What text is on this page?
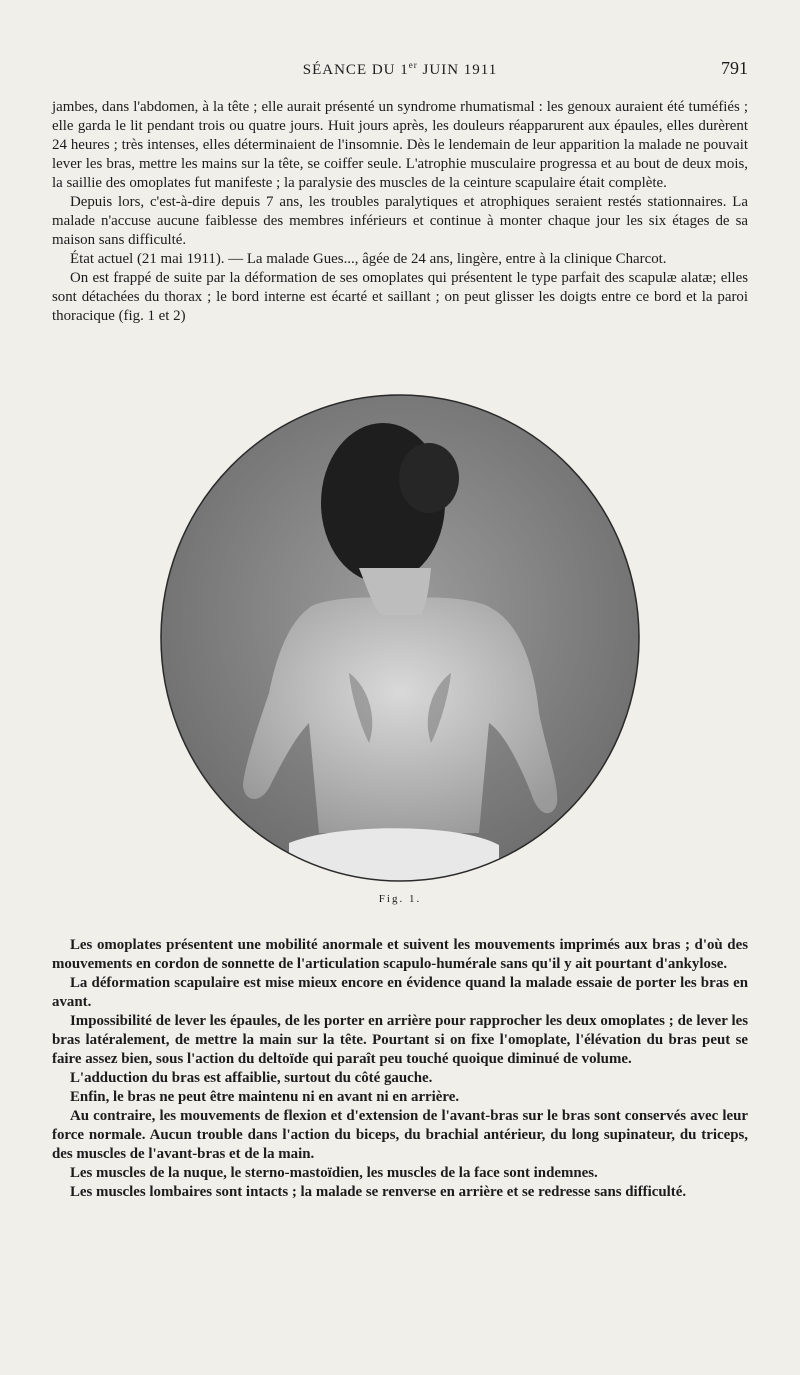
SÉANCE DU 1er JUIN 1911	791

jambes, dans l'abdomen, à la tête ; elle aurait présenté un syndrome rhumatismal : les genoux auraient été tuméfiés ; elle garda le lit pendant trois ou quatre jours. Huit jours après, les douleurs réapparurent aux épaules, elles durèrent 24 heures ; très intenses, elles déterminaient de l'insomnie. Dès le lendemain de leur apparition la malade ne pouvait lever les bras, mettre les mains sur la tête, se coiffer seule. L'atrophie musculaire progressa et au bout de deux mois, la saillie des omoplates fut manifeste ; la paralysie des muscles de la ceinture scapulaire était complète.

Depuis lors, c'est-à-dire depuis 7 ans, les troubles paralytiques et atrophiques seraient restés stationnaires. La malade n'accuse aucune faiblesse des membres inférieurs et continue à monter chaque jour les six étages de sa maison sans difficulté.

État actuel (21 mai 1911). — La malade Gues..., âgée de 24 ans, lingère, entre à la clinique Charcot.

On est frappé de suite par la déformation de ses omoplates qui présentent le type parfait des scapulæ alatæ; elles sont détachées du thorax ; le bord interne est écarté et saillant ; on peut glisser les doigts entre ce bord et la paroi thoracique (fig. 1 et 2)

Fig. 1.

Les omoplates présentent une mobilité anormale et suivent les mouvements imprimés aux bras ; d'où des mouvements en cordon de sonnette de l'articulation scapulo-humérale sans qu'il y ait pourtant d'ankylose.

La déformation scapulaire est mise mieux encore en évidence quand la malade essaie de porter les bras en avant.

Impossibilité de lever les épaules, de les porter en arrière pour rapprocher les deux omoplates ; de lever les bras latéralement, de mettre la main sur la tête. Pourtant si on fixe l'omoplate, l'élévation du bras peut se faire assez bien, sous l'action du deltoïde qui paraît peu touché quoique diminué de volume.

L'adduction du bras est affaiblie, surtout du côté gauche.

Enfin, le bras ne peut être maintenu ni en avant ni en arrière.

Au contraire, les mouvements de flexion et d'extension de l'avant-bras sur le bras sont conservés avec leur force normale. Aucun trouble dans l'action du biceps, du brachial antérieur, du long supinateur, du triceps, des muscles de l'avant-bras et de la main.

Les muscles de la nuque, le sterno-mastoïdien, les muscles de la face sont indemnes.

Les muscles lombaires sont intacts ; la malade se renverse en arrière et se redresse sans difficulté.
